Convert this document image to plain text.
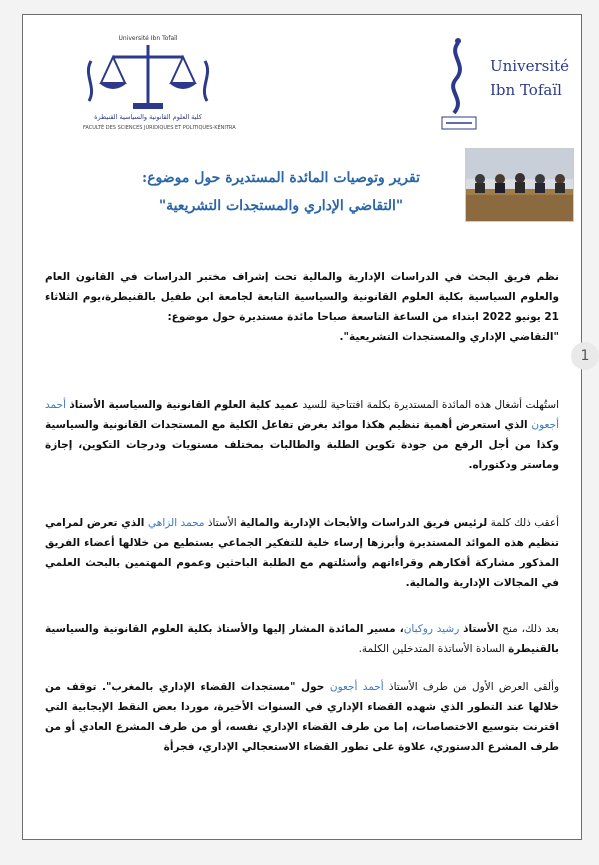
Université
Ibn Tofaïl
Université Ibn Tofaïl
كلية العلوم القانونية والسياسية القنيطرة
FACULTÉ DES SCIENCES JURIDIQUES ET POLITIQUES-KÉNITRA
تقرير وتوصيات المائدة المستديرة حول موضوع:
"التقاضي الإداري والمستجدات التشريعية"
نظم فريق البحث في الدراسات الإدارية والمالية تحت إشراف مختبر الدراسات في القانون العام والعلوم السياسية بكلية العلوم القانونية والسياسية التابعة لجامعة ابن طفيل بالقنيطرة،يوم الثلاثاء 21 يونيو 2022 ابتداء من الساعة التاسعة صباحا مائدة مستديرة حول موضوع:
"التقاضي الإداري والمستجدات التشريعية".
استُهلت أشغال هذه المائدة المستديرة بكلمة افتتاحية للسيد عميد كلية العلوم القانونية والسياسية الأستاذ أحمد أجعون الذي استعرض أهمية تنظيم هكذا موائد بغرض تفاعل الكلية مع المستجدات القانونية والسياسية وكذا من أجل الرفع من جودة تكوين الطلبة والطالبات بمختلف مستويات ودرجات التكوين، إجازة وماستر ودكتوراه.
أعقب ذلك كلمة لرئيس فريق الدراسات والأبحاث الإدارية والمالية الأستاذ محمد الزاهي الذي تعرض لمرامي تنظيم هذه الموائد المستديرة وأبرزها إرساء خلية للتفكير الجماعي يستطيع من خلالها أعضاء الفريق المذكور مشاركة أفكارهم وقراءاتهم وأسئلتهم مع الطلبة الباحثين وعموم المهتمين بالبحث العلمي في المجالات الإدارية والمالية.
بعد ذلك، منح الأستاذ رشيد روكبان، مسير المائدة المشار إليها والأستاذ بكلية العلوم القانونية والسياسية بالقنيطرة السادة الأساتذة المتدخلين الكلمة.
وألقى العرض الأول من طرف الأستاذ أحمد أجعون حول "مستجدات القضاء الإداري بالمغرب". توقف من خلالها عند التطور الذي شهده القضاء الإداري في السنوات الأخيرة، موردا بعض النقط الإيجابية التي اقترنت بتوسيع الاختصاصات، إما من طرف القضاء الإداري نفسه، أو من طرف المشرع العادي أو من طرف المشرع الدستوري، علاوة على تطور القضاء الاستعجالي الإداري، فجرأة
1
